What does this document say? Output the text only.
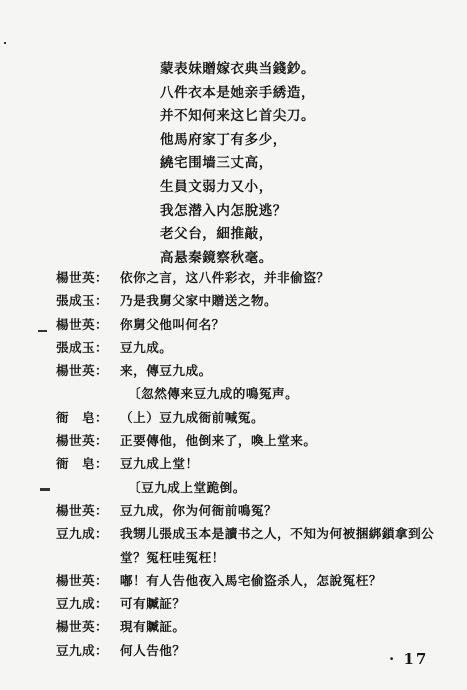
蒙表妹贈嫁衣典当錢鈔。
八件衣本是她亲手綉造，
并不知何来这匕首尖刀。
他馬府家丁有多少，
繞宅围墙三丈高，
生員文弱力又小，
我怎潜入内怎脫逃？
老父台，細推敲，
高悬秦鏡察秋毫。
楊世英： 依你之言，这八件彩衣，并非偷盜？
張成玉： 乃是我舅父家中贈送之物。
楊世英： 你舅父他叫何名？
張成玉： 豆九成。
楊世英： 来，傳豆九成。
〔忽然傳来豆九成的鳴冤声。
衙　皂： （上）豆九成衙前喊冤。
楊世英： 正要傳他，他倒来了，喚上堂来。
衙　皂： 豆九成上堂！
〔豆九成上堂跪倒。
楊世英： 豆九成，你为何衙前鳴冤？
豆九成： 我甥儿張成玉本是讀书之人，不知为何被捆綁鎖拿到公堂？冤枉哇冤枉！
楊世英： 嘟！有人告他夜入馬宅偷盜杀人，怎說冤枉？
豆九成： 可有贓証？
楊世英： 現有贓証。
豆九成： 何人告他？	· 17
